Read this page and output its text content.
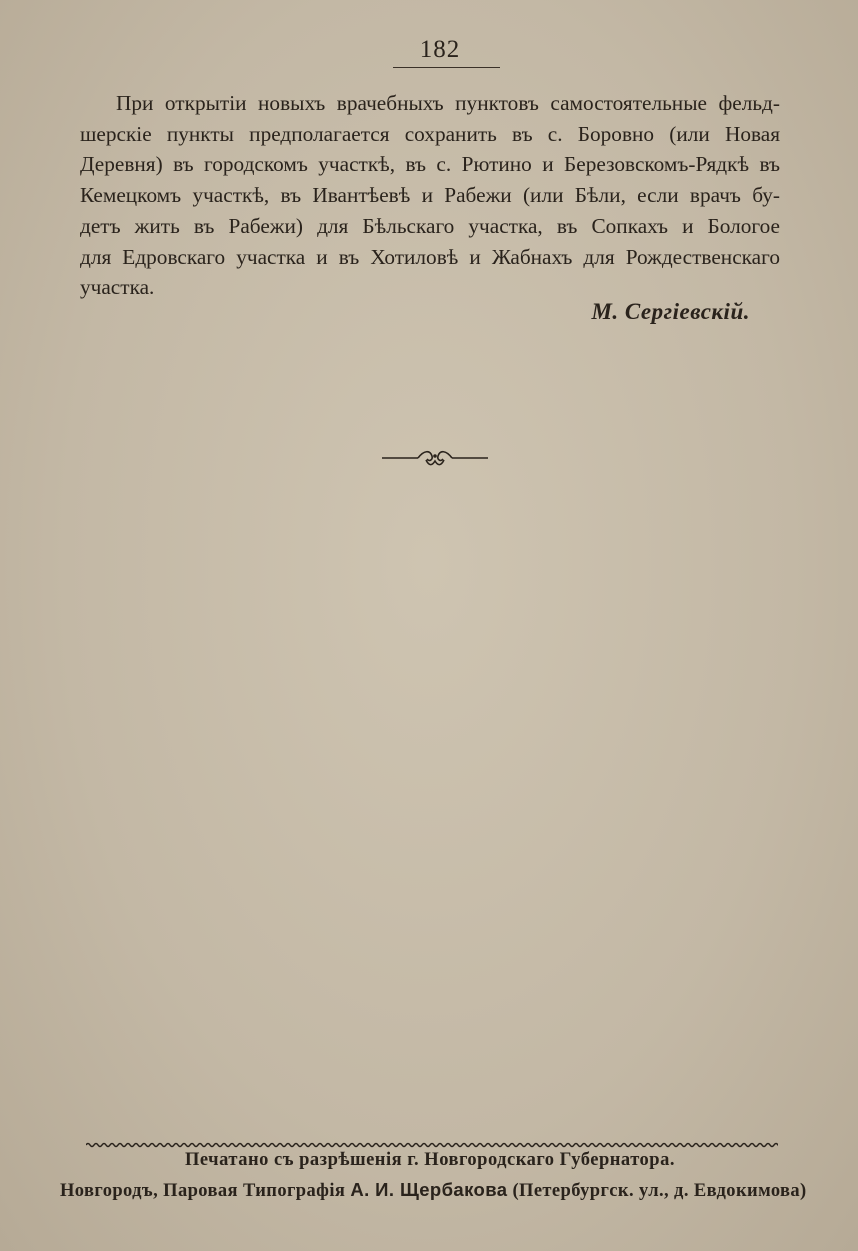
182
При открытіи новыхъ врачебныхъ пунктовъ самостоятельные фельд-
шерскіе пункты предполагается сохранить въ с. Боровно (или Новая
Деревня) въ городскомъ участкѣ, въ с. Рютино и Березовскомъ-Рядкѣ въ
Кемецкомъ участкѣ, въ Ивантѣевѣ и Рабежи (или Бѣли, если врачъ бу-
детъ жить въ Рабежи) для Бѣльскаго участка, въ Сопкахъ и Бологое
для Едровскаго участка и въ Хотиловѣ и Жабнахъ для Рождественскаго
участка.
М. Сергіевскій.
Печатано съ разрѣшенія г. Новгородскаго Губернатора.
Новгородъ, Паровая Типографія А. И. Щербакова (Петербургск. ул., д. Евдокимова)
